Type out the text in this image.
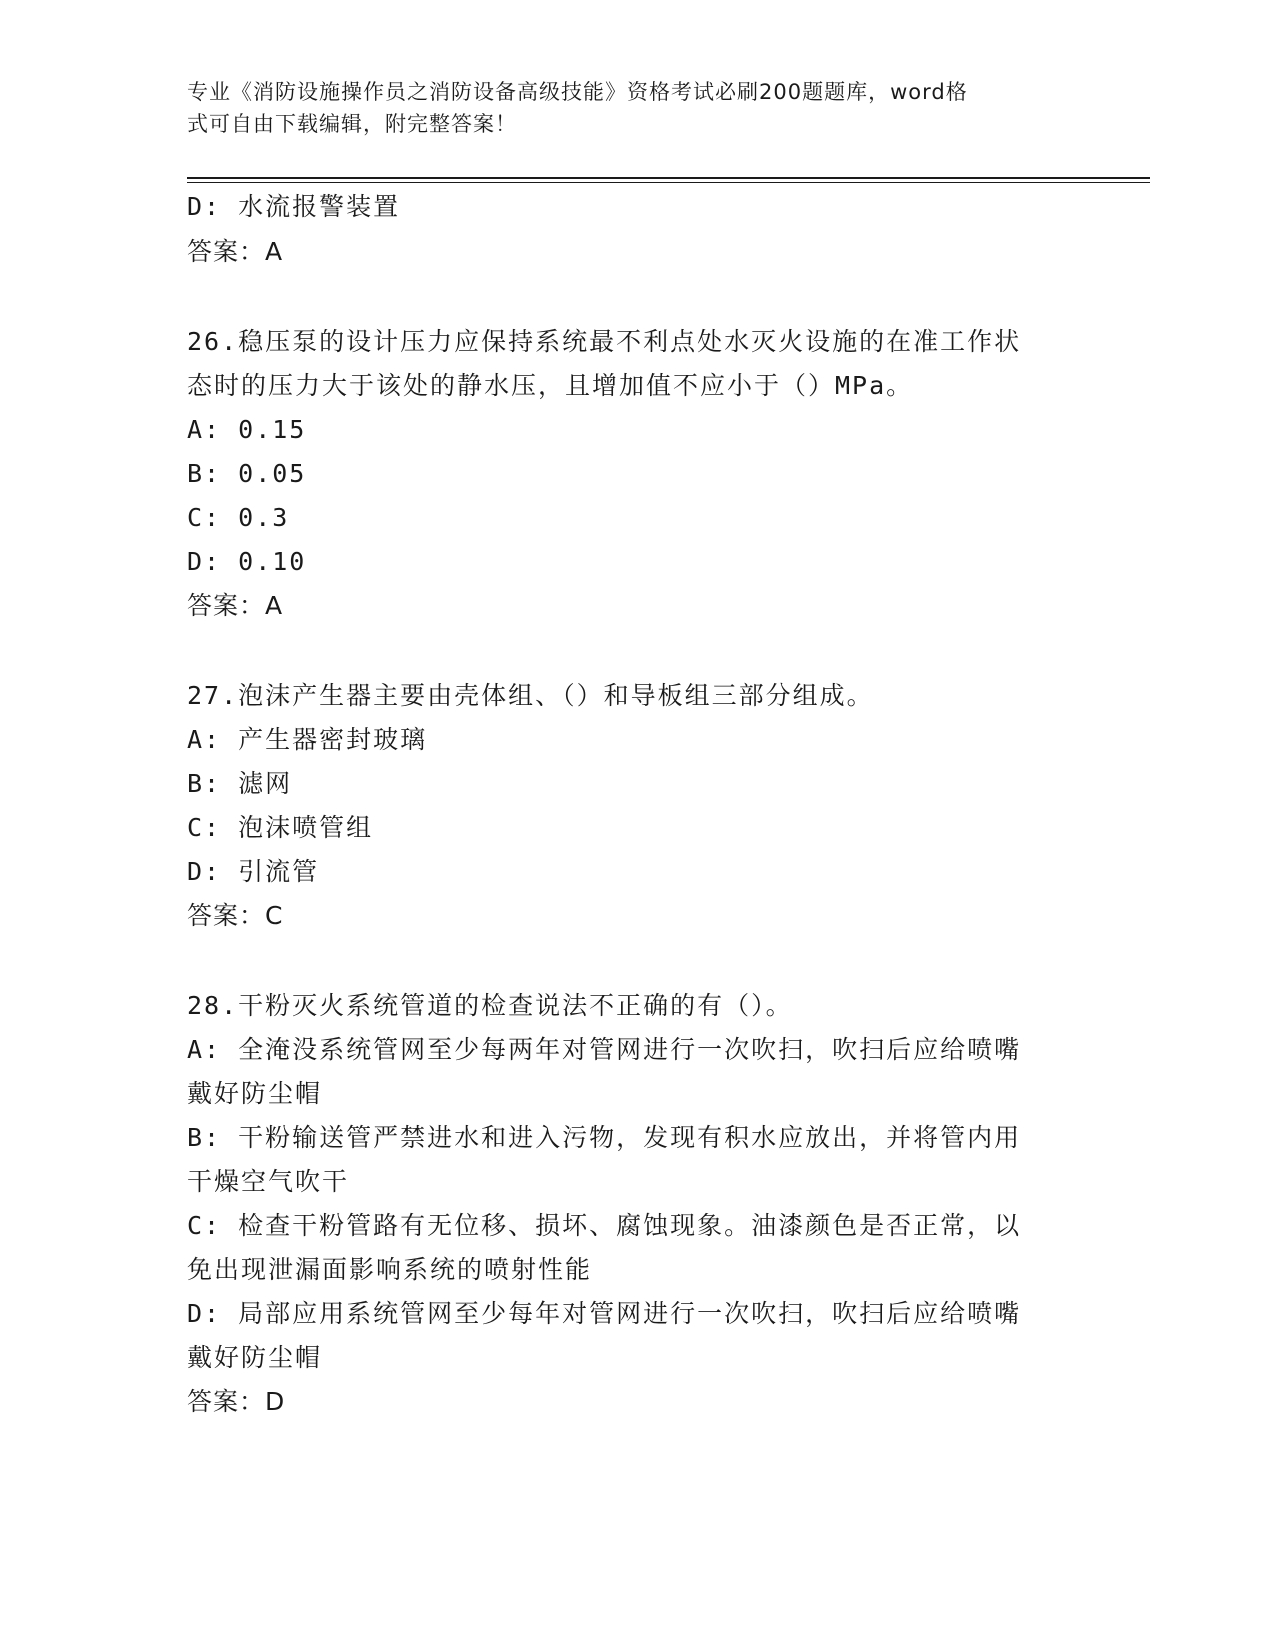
专业《消防设施操作员之消防设备高级技能》资格考试必刷200题题库，word格
式可自由下载编辑，附完整答案！
D: 水流报警装置
答案：A
26.稳压泵的设计压力应保持系统最不利点处水灭火设施的在准工作状
态时的压力大于该处的静水压，且增加值不应小于（）MPa。
A: 0.15
B: 0.05
C: 0.3
D: 0.10
答案：A
27.泡沫产生器主要由壳体组、（）和导板组三部分组成。
A: 产生器密封玻璃
B: 滤网
C: 泡沫喷管组
D: 引流管
答案：C
28.干粉灭火系统管道的检查说法不正确的有（）。
A: 全淹没系统管网至少每两年对管网进行一次吹扫，吹扫后应给喷嘴
戴好防尘帽
B: 干粉输送管严禁进水和进入污物，发现有积水应放出，并将管内用
干燥空气吹干
C: 检查干粉管路有无位移、损坏、腐蚀现象。油漆颜色是否正常，以
免出现泄漏面影响系统的喷射性能
D: 局部应用系统管网至少每年对管网进行一次吹扫，吹扫后应给喷嘴
戴好防尘帽
答案：D
